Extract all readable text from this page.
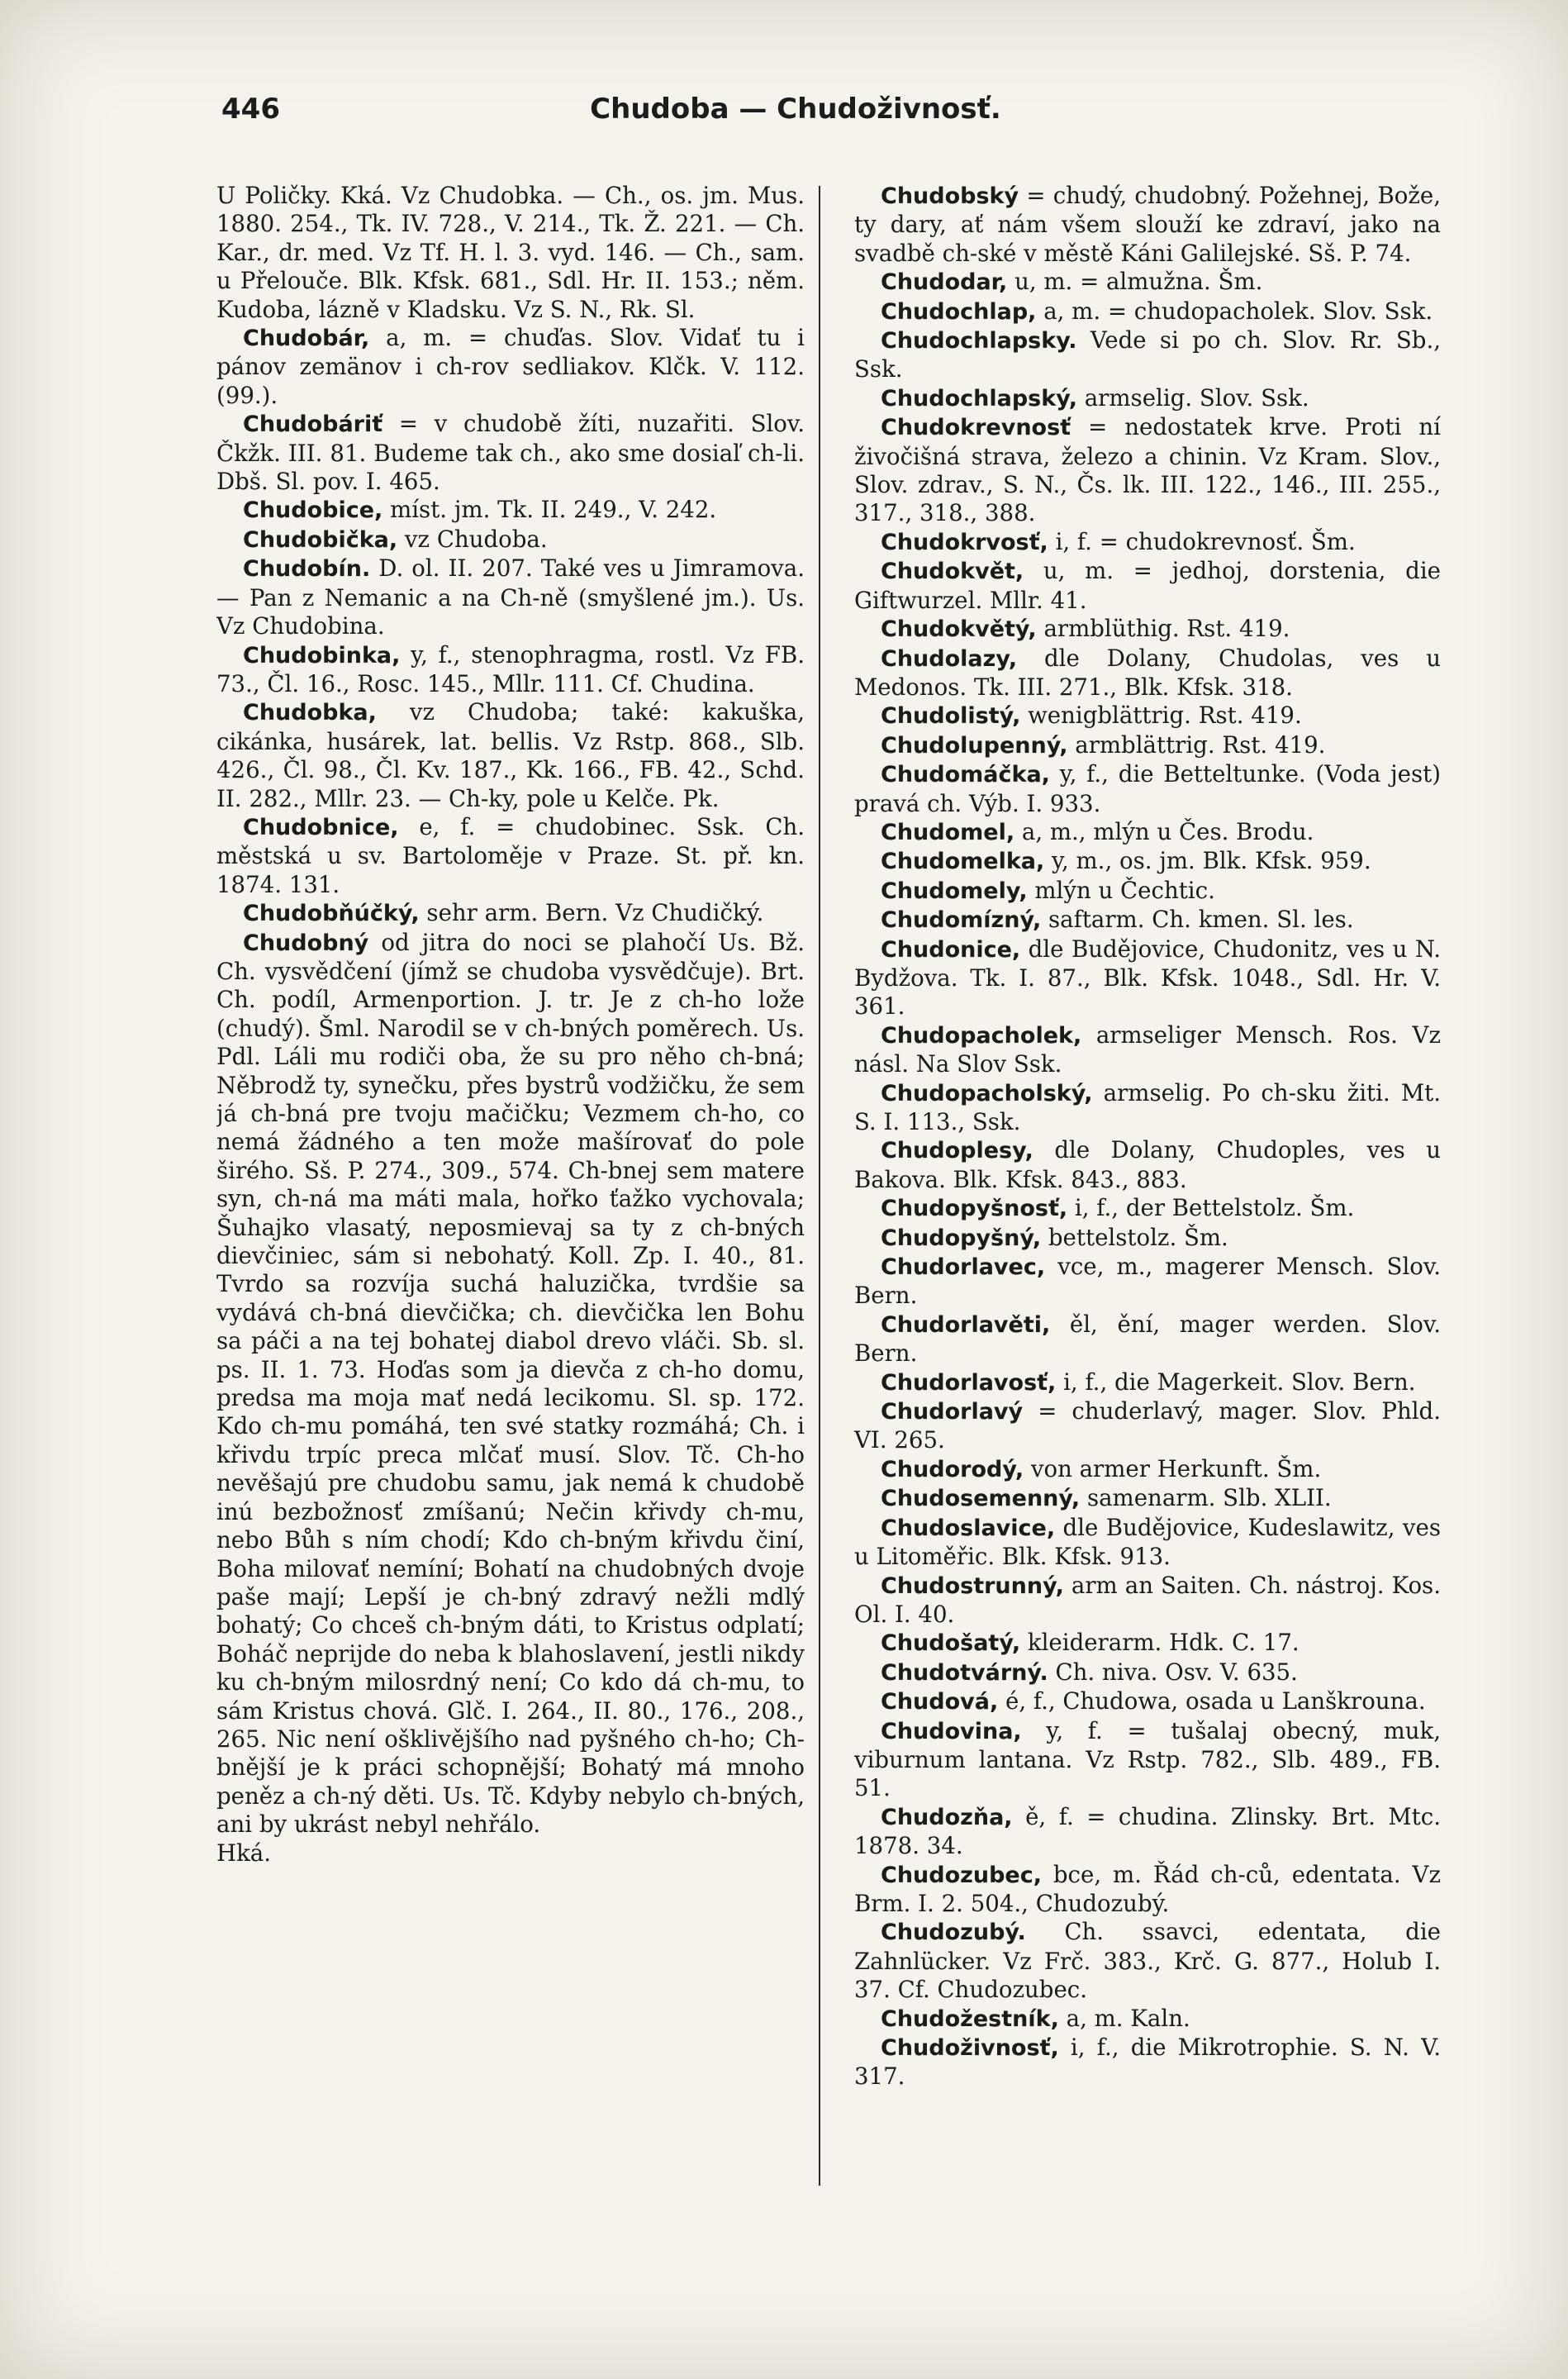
446	Chudoba — Chudoživnosť.

U Poličky. Kká. Vz Chudobka. — Ch., os. jm. Mus. 1880. 254., Tk. IV. 728., V. 214., Tk. Ž. 221. — Ch. Kar., dr. med. Vz Tf. H. l. 3. vyd. 146. — Ch., sam. u Přelouče. Blk. Kfsk. 681., Sdl. Hr. II. 153.; něm. Kudoba, lázně v Kladsku. Vz S. N., Rk. Sl.

Chudobár, a, m. = chuďas. Slov. Vidať tu i pánov zemänov i ch-rov sedliakov. Klčk. V. 112. (99.).

Chudobáriť = v chudobě žíti, nuzařiti. Slov. Čkžk. III. 81. Budeme tak ch., ako sme dosiaľ ch-li. Dbš. Sl. pov. I. 465.

Chudobice, míst. jm. Tk. II. 249., V. 242.

Chudobička, vz Chudoba.

Chudobín. D. ol. II. 207. Také ves u Jimramova. — Pan z Nemanic a na Ch-ně (smyšlené jm.). Us. Vz Chudobina.

Chudobinka, y, f., stenophragma, rostl. Vz FB. 73., Čl. 16., Rosc. 145., Mllr. 111. Cf. Chudina.

Chudobka, vz Chudoba; také: kakuška, cikánka, husárek, lat. bellis. Vz Rstp. 868., Slb. 426., Čl. 98., Čl. Kv. 187., Kk. 166., FB. 42., Schd. II. 282., Mllr. 23. — Ch-ky, pole u Kelče. Pk.

Chudobnice, e, f. = chudobinec. Ssk. Ch. městská u sv. Bartoloměje v Praze. St. př. kn. 1874. 131.

Chudobňúčký, sehr arm. Bern. Vz Chudičký.

Chudobný od jitra do noci se plahočí Us. Bž. Ch. vysvědčení (jímž se chudoba vysvědčuje). Brt. Ch. podíl, Armenportion. J. tr. Je z ch-ho lože (chudý). Šml. Narodil se v ch-bných poměrech. Us. Pdl. Láli mu rodiči oba, že su pro něho ch-bná; Něbrodž ty, synečku, přes bystrů vodžičku, že sem já ch-bná pre tvoju mačičku; Vezmem ch-ho, co nemá žádného a ten može mašírovať do pole širého. Sš. P. 274., 309., 574. Ch-bnej sem matere syn, ch-ná ma máti mala, hořko ťažko vychovala; Šuhajko vlasatý, neposmievaj sa ty z ch-bných dievčiniec, sám si nebohatý. Koll. Zp. I. 40., 81. Tvrdo sa rozvíja suchá haluzička, tvrdšie sa vydává ch-bná dievčička; ch. dievčička len Bohu sa páči a na tej bohatej diabol drevo vláči. Sb. sl. ps. II. 1. 73. Hoďas som ja dievča z ch-ho domu, predsa ma moja mať nedá lecikomu. Sl. sp. 172. Kdo ch-mu pomáhá, ten své statky rozmáhá; Ch. i křivdu trpíc preca mlčať musí. Slov. Tč. Ch-ho nevěšajú pre chudobu samu, jak nemá k chudobě inú bezbožnosť zmíšanú; Nečin křivdy ch-mu, nebo Bůh s ním chodí; Kdo ch-bným křivdu činí, Boha milovať nemíní; Bohatí na chudobných dvoje paše mají; Lepší je ch-bný zdravý nežli mdlý bohatý; Co chceš ch-bným dáti, to Kristus odplatí; Boháč neprijde do neba k blahoslavení, jestli nikdy ku ch-bným milosrdný není; Co kdo dá ch-mu, to sám Kristus chová. Glč. I. 264., II. 80., 176., 208., 265. Nic není ošklivějšího nad pyšného ch-ho; Ch-bnější je k práci schopnější; Bohatý má mnoho peněz a ch-ný děti. Us. Tč. Kdyby nebylo ch-bných, ani by ukrást nebyl nehřálo.

Hká.

Chudobský = chudý, chudobný. Požehnej, Bože, ty dary, ať nám všem slouží ke zdraví, jako na svadbě ch-ské v městě Káni Galilejské. Sš. P. 74.

Chudodar, u, m. = almužna. Šm.

Chudochlap, a, m. = chudopacholek. Slov. Ssk.

Chudochlapsky. Vede si po ch. Slov. Rr. Sb., Ssk.

Chudochlapský, armselig. Slov. Ssk.

Chudokrevnosť = nedostatek krve. Proti ní živočišná strava, železo a chinin. Vz Kram. Slov., Slov. zdrav., S. N., Čs. lk. III. 122., 146., III. 255., 317., 318., 388.

Chudokrvosť, i, f. = chudokrevnosť. Šm.

Chudokvět, u, m. = jedhoj, dorstenia, die Giftwurzel. Mllr. 41.

Chudokvětý, armblüthig. Rst. 419.

Chudolazy, dle Dolany, Chudolas, ves u Medonos. Tk. III. 271., Blk. Kfsk. 318.

Chudolistý, wenigblättrig. Rst. 419.

Chudolupenný, armblättrig. Rst. 419.

Chudomáčka, y, f., die Betteltunke. (Voda jest) pravá ch. Výb. I. 933.

Chudomel, a, m., mlýn u Čes. Brodu.

Chudomelka, y, m., os. jm. Blk. Kfsk. 959.

Chudomely, mlýn u Čechtic.

Chudomízný, saftarm. Ch. kmen. Sl. les.

Chudonice, dle Budějovice, Chudonitz, ves u N. Bydžova. Tk. I. 87., Blk. Kfsk. 1048., Sdl. Hr. V. 361.

Chudopacholek, armseliger Mensch. Ros. Vz násl. Na Slov Ssk.

Chudopacholský, armselig. Po ch-sku žiti. Mt. S. I. 113., Ssk.

Chudoplesy, dle Dolany, Chudoples, ves u Bakova. Blk. Kfsk. 843., 883.

Chudopyšnosť, i, f., der Bettelstolz. Šm.

Chudopyšný, bettelstolz. Šm.

Chudorlavec, vce, m., magerer Mensch. Slov. Bern.

Chudorlavěti, ěl, ění, mager werden. Slov. Bern.

Chudorlavosť, i, f., die Magerkeit. Slov. Bern.

Chudorlavý = chuderlavý, mager. Slov. Phld. VI. 265.

Chudorodý, von armer Herkunft. Šm.

Chudosemenný, samenarm. Slb. XLII.

Chudoslavice, dle Budějovice, Kudeslawitz, ves u Litoměřic. Blk. Kfsk. 913.

Chudostrunný, arm an Saiten. Ch. nástroj. Kos. Ol. I. 40.

Chudošatý, kleiderarm. Hdk. C. 17.

Chudotvárný. Ch. niva. Osv. V. 635.

Chudová, é, f., Chudowa, osada u Lanškrouna.

Chudovina, y, f. = tušalaj obecný, muk, viburnum lantana. Vz Rstp. 782., Slb. 489., FB. 51.

Chudozňa, ě, f. = chudina. Zlinsky. Brt. Mtc. 1878. 34.

Chudozubec, bce, m. Řád ch-ců, edentata. Vz Brm. I. 2. 504., Chudozubý.

Chudozubý. Ch. ssavci, edentata, die Zahnlücker. Vz Frč. 383., Krč. G. 877., Holub I. 37. Cf. Chudozubec.

Chudožestník, a, m. Kaln.

Chudoživnosť, i, f., die Mikrotrophie. S. N. V. 317.
